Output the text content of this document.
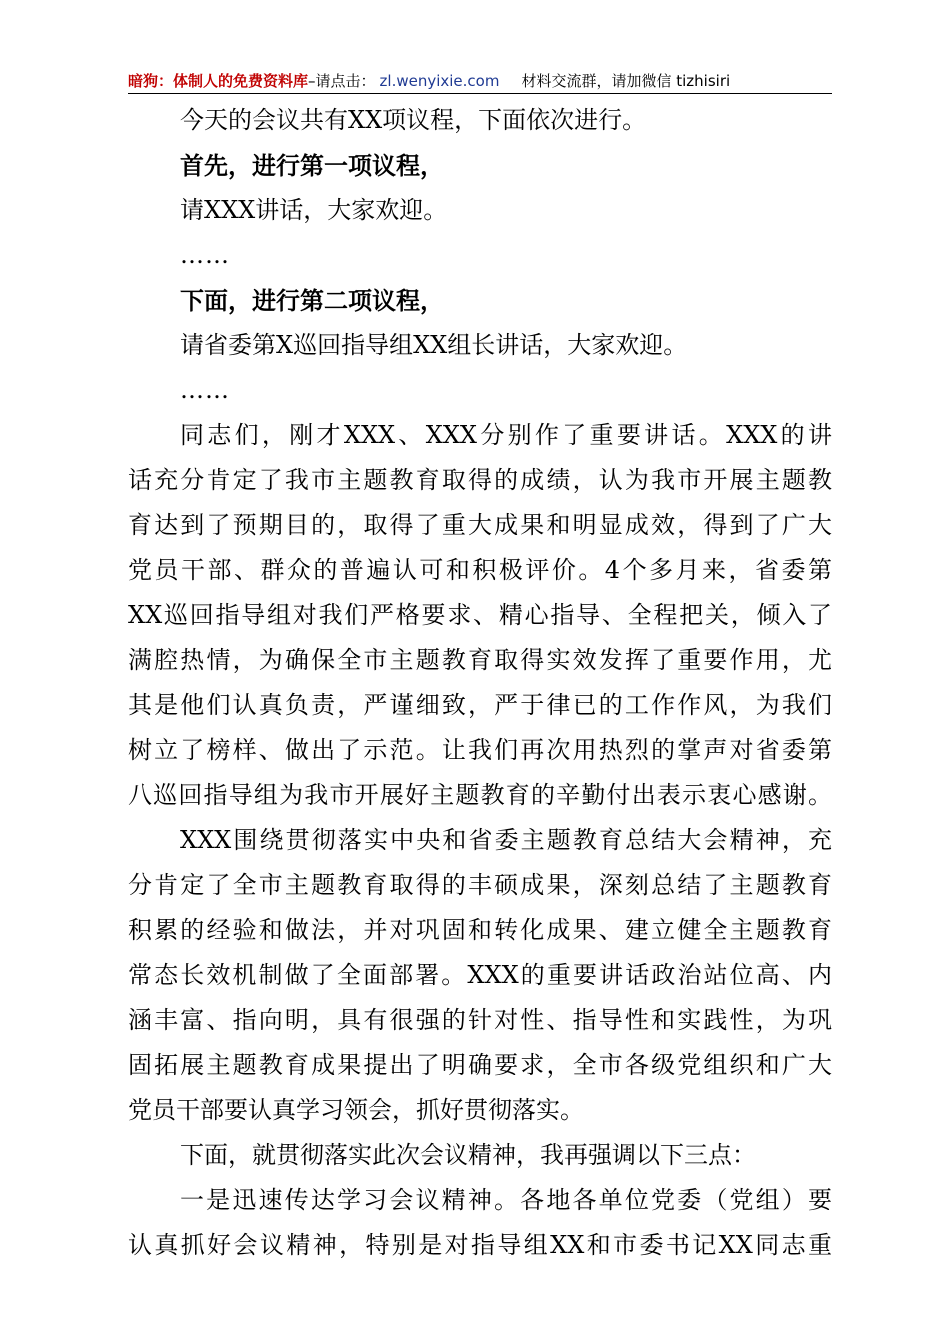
暗狗：体制人的免费资料库–请点击： zl.wenyixie.com 材料交流群，请加微信 tizhisiri
今天的会议共有XX项议程，下面依次进行。
首先，进行第一项议程，
请XXX讲话，大家欢迎。
……
下面，进行第二项议程，
请省委第X巡回指导组XX组长讲话，大家欢迎。
……
同志们，刚才XXX、XXX分别作了重要讲话。XXX的讲
话充分肯定了我市主题教育取得的成绩，认为我市开展主题教
育达到了预期目的，取得了重大成果和明显成效，得到了广大
党员干部、群众的普遍认可和积极评价。4个多月来，省委第
XX巡回指导组对我们严格要求、精心指导、全程把关，倾入了
满腔热情，为确保全市主题教育取得实效发挥了重要作用，尤
其是他们认真负责，严谨细致，严于律已的工作作风，为我们
树立了榜样、做出了示范。让我们再次用热烈的掌声对省委第
八巡回指导组为我市开展好主题教育的辛勤付出表示衷心感谢。
XXX围绕贯彻落实中央和省委主题教育总结大会精神，充
分肯定了全市主题教育取得的丰硕成果，深刻总结了主题教育
积累的经验和做法，并对巩固和转化成果、建立健全主题教育
常态长效机制做了全面部署。XXX的重要讲话政治站位高、内
涵丰富、指向明，具有很强的针对性、指导性和实践性，为巩
固拓展主题教育成果提出了明确要求，全市各级党组织和广大
党员干部要认真学习领会，抓好贯彻落实。
下面，就贯彻落实此次会议精神，我再强调以下三点：
一是迅速传达学习会议精神。各地各单位党委（党组）要
认真抓好会议精神，特别是对指导组XX和市委书记XX同志重
